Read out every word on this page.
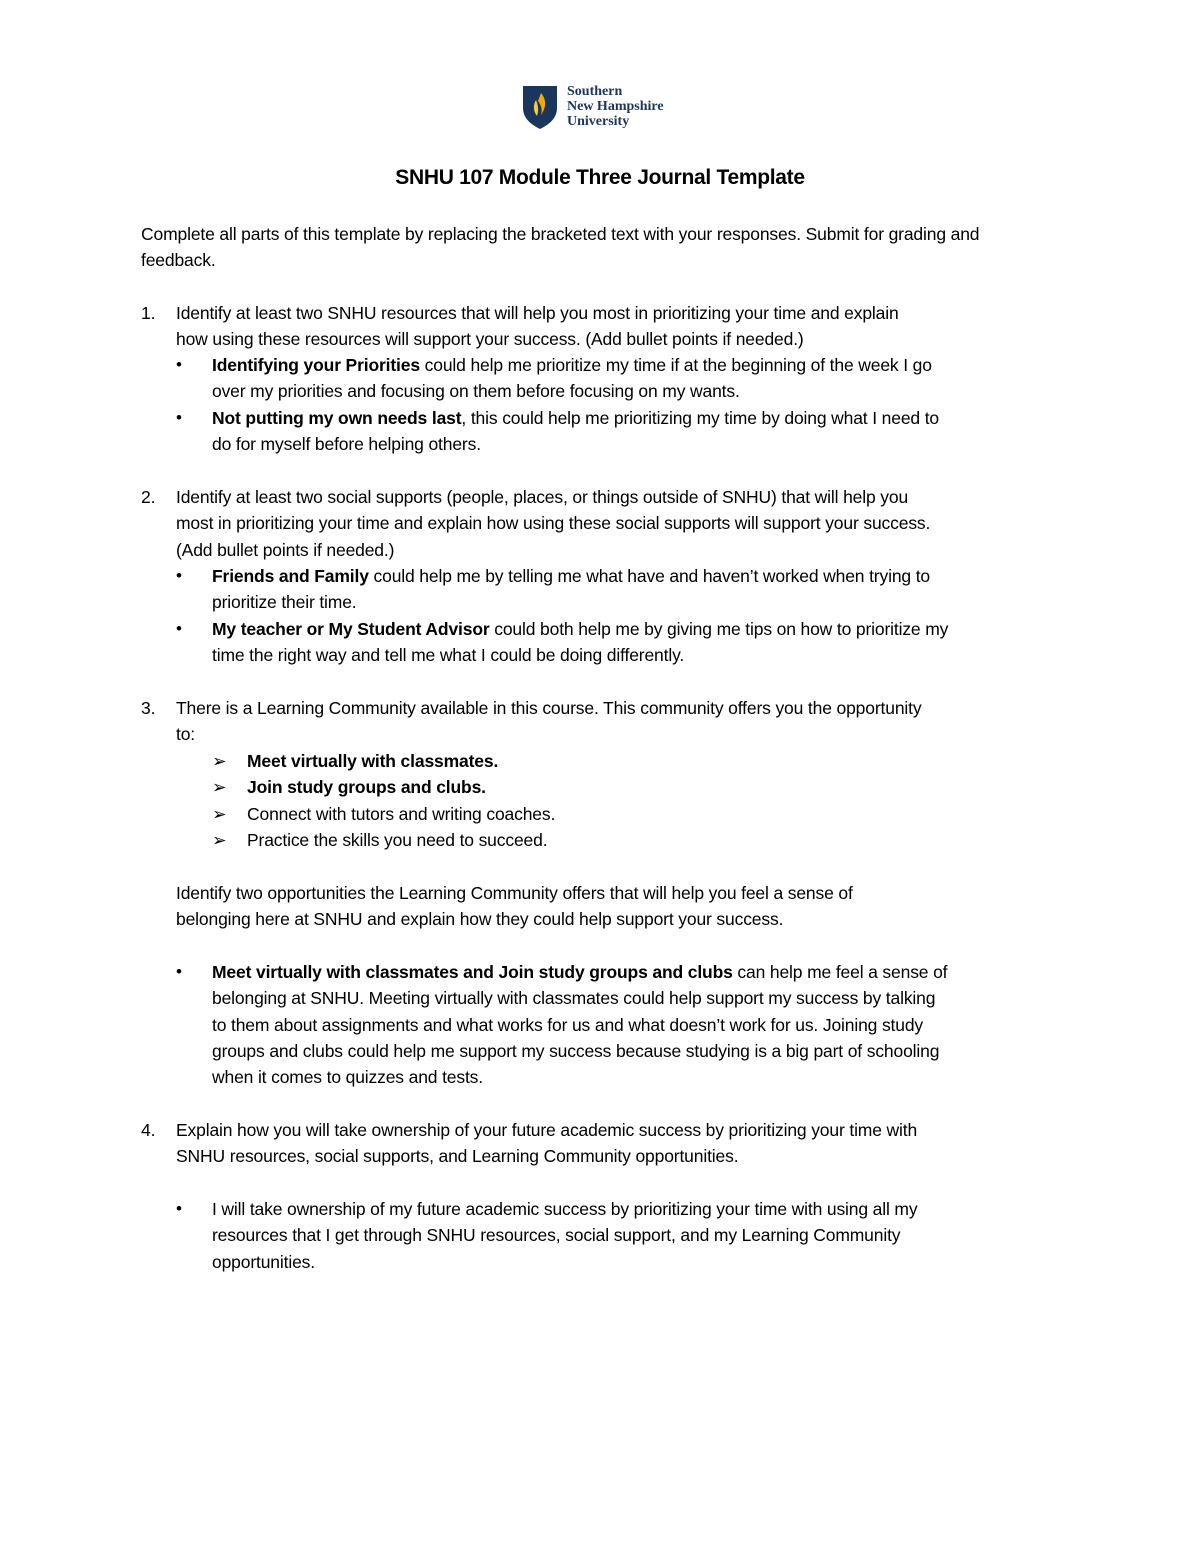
Southern
New Hampshire
University
SNHU 107 Module Three Journal Template
Complete all parts of this template by replacing the bracketed text with your responses. Submit for grading and feedback.
1. Identify at least two SNHU resources that will help you most in prioritizing your time and explain
how using these resources will support your success. (Add bullet points if needed.)
• Identifying your Priorities could help me prioritize my time if at the beginning of the week I go
over my priorities and focusing on them before focusing on my wants.
• Not putting my own needs last, this could help me prioritizing my time by doing what I need to
do for myself before helping others.
2. Identify at least two social supports (people, places, or things outside of SNHU) that will help you
most in prioritizing your time and explain how using these social supports will support your success.
(Add bullet points if needed.)
• Friends and Family could help me by telling me what have and haven’t worked when trying to
prioritize their time.
• My teacher or My Student Advisor could both help me by giving me tips on how to prioritize my
time the right way and tell me what I could be doing differently.
3. There is a Learning Community available in this course. This community offers you the opportunity
to:
➢ Meet virtually with classmates.
➢ Join study groups and clubs.
➢ Connect with tutors and writing coaches.
➢ Practice the skills you need to succeed.
Identify two opportunities the Learning Community offers that will help you feel a sense of
belonging here at SNHU and explain how they could help support your success.
• Meet virtually with classmates and Join study groups and clubs can help me feel a sense of
belonging at SNHU. Meeting virtually with classmates could help support my success by talking
to them about assignments and what works for us and what doesn’t work for us. Joining study
groups and clubs could help me support my success because studying is a big part of schooling
when it comes to quizzes and tests.
4. Explain how you will take ownership of your future academic success by prioritizing your time with
SNHU resources, social supports, and Learning Community opportunities.
• I will take ownership of my future academic success by prioritizing your time with using all my
resources that I get through SNHU resources, social support, and my Learning Community
opportunities.
